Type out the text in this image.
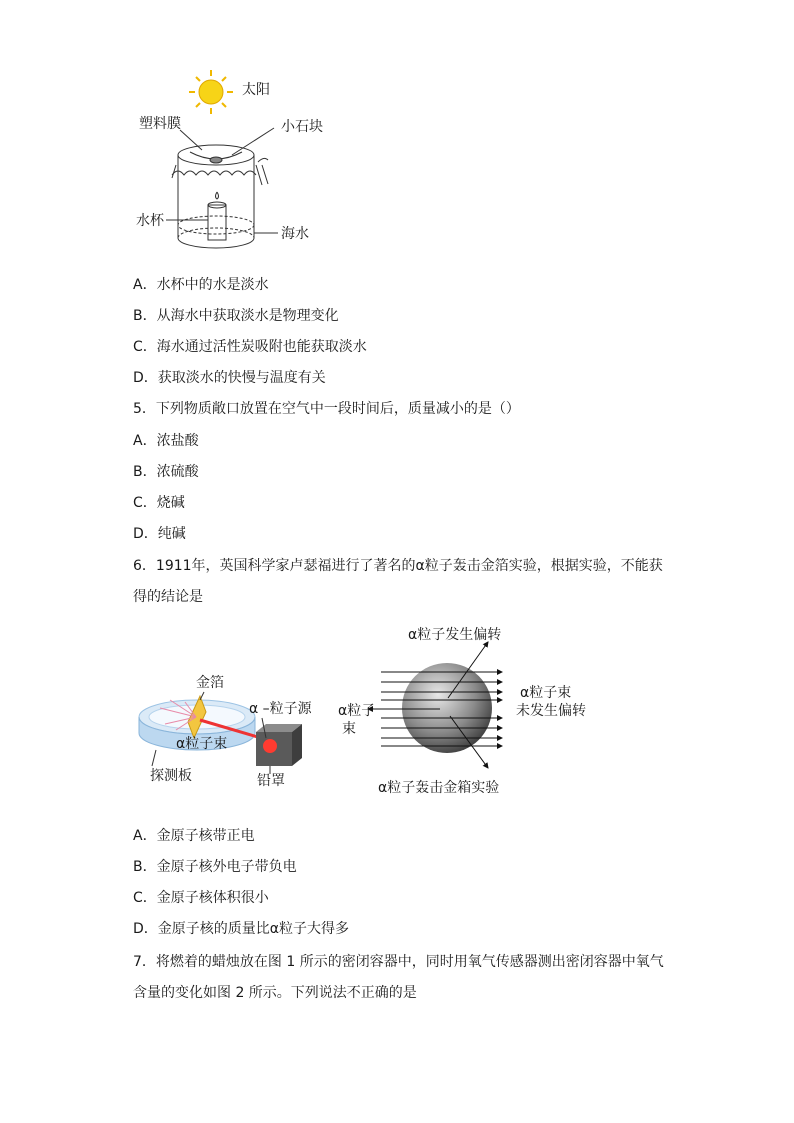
太阳
塑料膜	小石块
水杯
海水
A．水杯中的水是淡水
B．从海水中获取淡水是物理变化
C．海水通过活性炭吸附也能获取淡水
D．获取淡水的快慢与温度有关
5．下列物质敞口放置在空气中一段时间后，质量减小的是（）
A．浓盐酸
B．浓硫酸
C．烧碱
D．纯碱
6．1911年，英国科学家卢瑟福进行了著名的α粒子轰击金箔实验，根据实验，不能获
得的结论是
金箔
α –粒子源
α粒子束
探测板	铅罩
α粒子发生偏转
α粒子
束
α粒子束
未发生偏转
α粒子轰击金箱实验
A．金原子核带正电
B．金原子核外电子带负电
C．金原子核体积很小
D．金原子核的质量比α粒子大得多
7．将燃着的蜡烛放在图 1 所示的密闭容器中，同时用氧气传感器测出密闭容器中氧气
含量的变化如图 2 所示。下列说法不正确的是
